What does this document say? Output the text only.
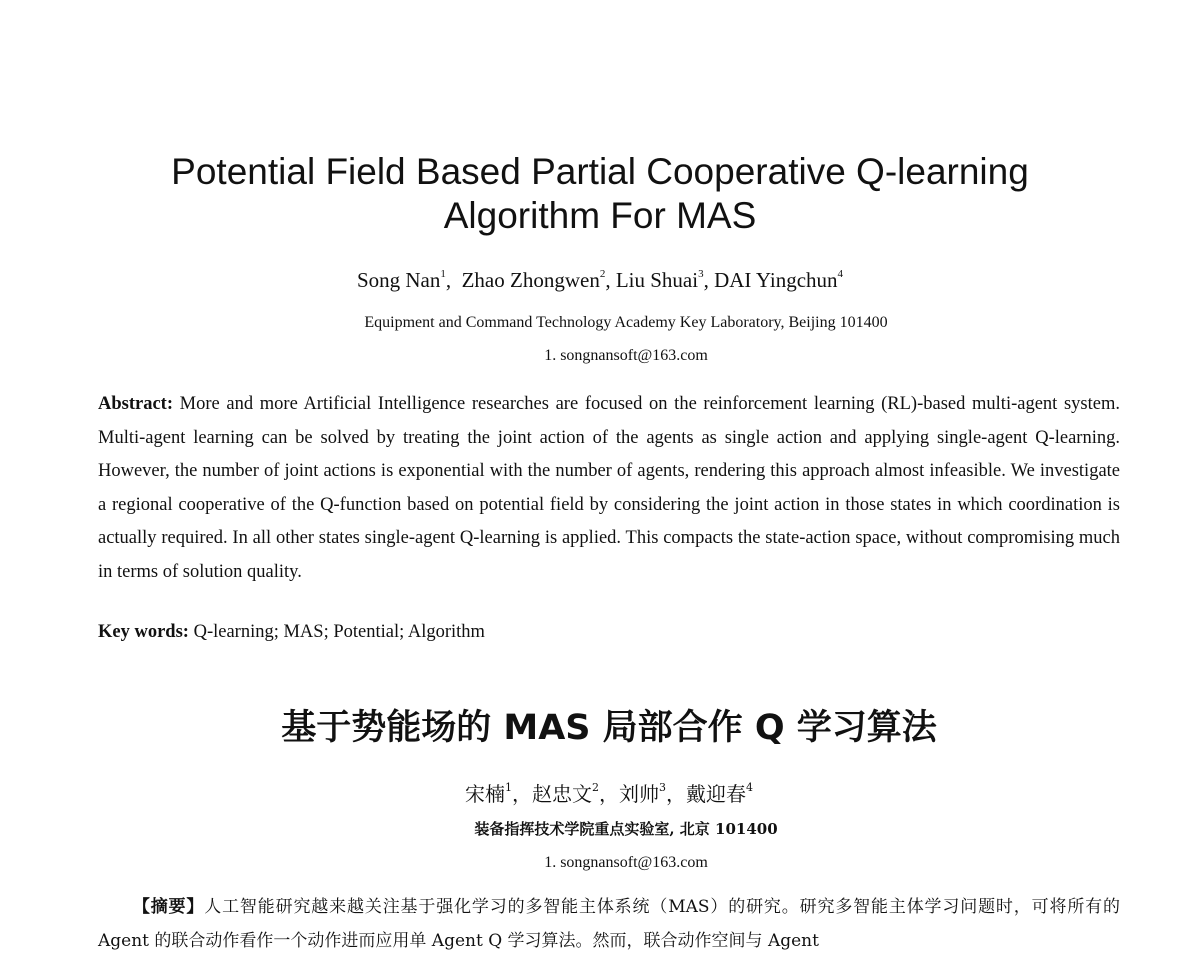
Potential Field Based Partial Cooperative Q-learning
Algorithm For MAS
Song Nan$^1$,  Zhao Zhongwen$^2$, Liu Shuai$^3$, DAI Yingchun$^4$
Equipment and Command Technology Academy Key Laboratory, Beijing 101400
1. songnansoft@163.com
Abstract: More and more Artificial Intelligence researches are focused on the reinforcement learning (RL)-based multi-agent system. Multi-agent learning can be solved by treating the joint action of the agents as single action and applying single-agent Q-learning. However, the number of joint actions is exponential with the number of agents, rendering this approach almost infeasible. We investigate a regional cooperative of the Q-function based on potential field by considering the joint action in those states in which coordination is actually required. In all other states single-agent Q-learning is applied. This compacts the state-action space, without compromising much in terms of solution quality.
Key words: Q-learning; MAS; Potential; Algorithm
基于势能场的 MAS 局部合作 Q 学习算法
宋楠$^1$，赵忠文$^2$，刘帅$^3$，戴迎春$^4$
装备指挥技术学院重点实验室, 北京 101400
1. songnansoft@163.com
【摘要】人工智能研究越来越关注基于强化学习的多智能主体系统（MAS）的研究。研究多智能主体学习问题时，可将所有的 Agent 的联合动作看作一个动作进而应用单 Agent Q 学习算法。然而，联合动作空间与 Agent
